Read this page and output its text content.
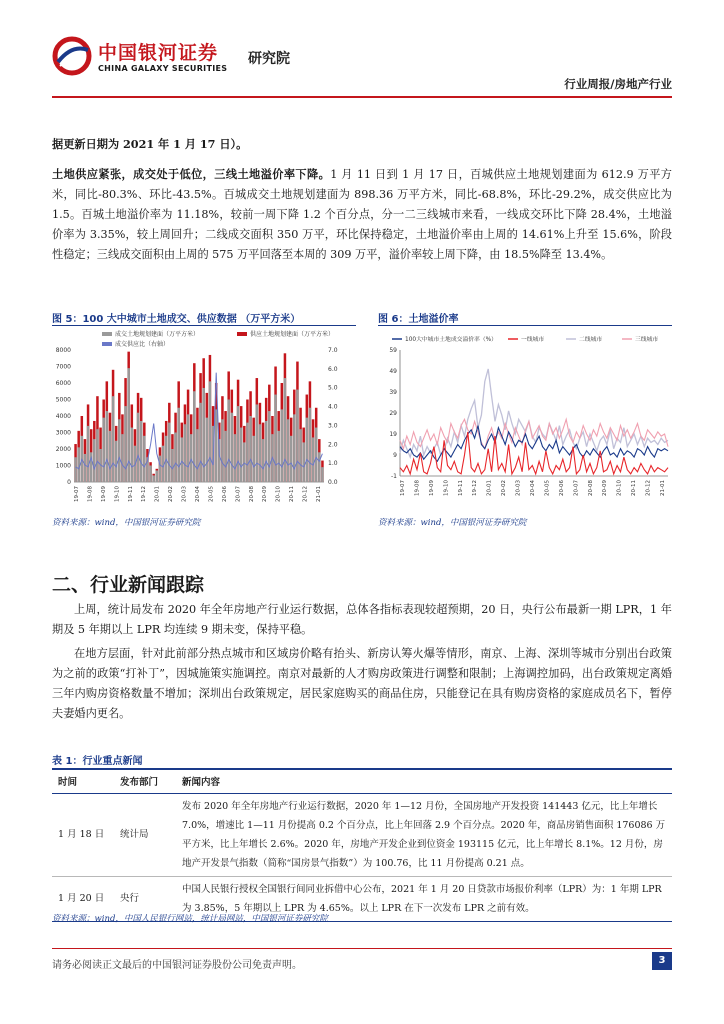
中国银河证券
CHINA GALAXY SECURITIES
研究院
行业周报/房地产行业
据更新日期为 2021 年 1 月 17 日）。
土地供应紧张，成交处于低位，三线土地溢价率下降。1 月 11 日到 1 月 17 日，百城供应土地规划建面为 612.9 万平方米，同比-80.3%、环比-43.5%。百城成交土地规划建面为 898.36 万平方米，同比-68.8%，环比-29.2%，成交供应比为 1.5。百城土地溢价率为 11.18%，较前一周下降 1.2 个百分点，分一二三线城市来看，一线成交环比下降 28.4%，土地溢价率为 3.35%，较上周回升；二线成交面积 350 万平，环比保持稳定，土地溢价率由上周的 14.61%上升至 15.6%，阶段性稳定；三线成交面积由上周的 575 万平回落至本周的 309 万平，溢价率较上周下降，由 18.5%降至 13.4%。
图 5：100 大中城市土地成交、供应数据 （万平方米）	图 6：土地溢价率
成交土地规划建面（万平方米）	供应土地规划建面（万平方米）
成交供应比（右轴）
8000
7000
6000
5000
4000
3000
2000
1000
0
7.0
6.0
5.0
4.0
3.0
2.0
1.0
0.0
19-07 19-08 19-09 19-10 19-11 19-12 20-01 20-02 20-03 20-04 20-05 20-06 20-07 20-08 20-09 20-10 20-11 20-12 21-01
100大中城市土地成交溢价率（%）	一线城市	二线城市	三线城市
59
49
39
29
19
9
-1
19-07 19-08 19-09 19-10 19-11 19-12 20-01 20-02 20-03 20-04 20-05 20-06 20-07 20-08 20-09 20-10 20-11 20-12 21-01
资料来源：wind，中国银河证券研究院	资料来源：wind，中国银河证券研究院
二、行业新闻跟踪
上周，统计局发布 2020 年全年房地产行业运行数据，总体各指标表现较超预期，20 日，央行公布最新一期 LPR，1 年期及 5 年期以上 LPR 均连续 9 期未变，保持平稳。
在地方层面，针对此前部分热点城市和区域房价略有抬头、新房认筹火爆等情形，南京、上海、深圳等城市分别出台政策为之前的政策“打补丁”，因城施策实施调控。南京对最新的人才购房政策进行调整和限制；上海调控加码，出台政策规定离婚三年内购房资格数量不增加；深圳出台政策规定，居民家庭购买的商品住房，只能登记在具有购房资格的家庭成员名下，暂停夫妻婚内更名。
表 1：行业重点新闻
时间	发布部门	新闻内容
1 月 18 日	统计局	发布 2020 年全年房地产行业运行数据，2020 年 1—12 月份，全国房地产开发投资 141443 亿元，比上年增长 7.0%，增速比 1—11 月份提高 0.2 个百分点，比上年回落 2.9 个百分点。2020 年，商品房销售面积 176086 万平方米，比上年增长 2.6%。2020 年，房地产开发企业到位资金 193115 亿元，比上年增长 8.1%。12 月份，房地产开发景气指数（简称“国房景气指数”）为 100.76，比 11 月份提高 0.21 点。
1 月 20 日	央行	中国人民银行授权全国银行间同业拆借中心公布，2021 年 1 月 20 日贷款市场报价利率（LPR）为：1 年期 LPR 为 3.85%，5 年期以上 LPR 为 4.65%。以上 LPR 在下一次发布 LPR 之前有效。
资料来源：wind，中国人民银行网站，统计局网站，中国银河证券研究院
请务必阅读正文最后的中国银河证券股份公司免责声明。	3
